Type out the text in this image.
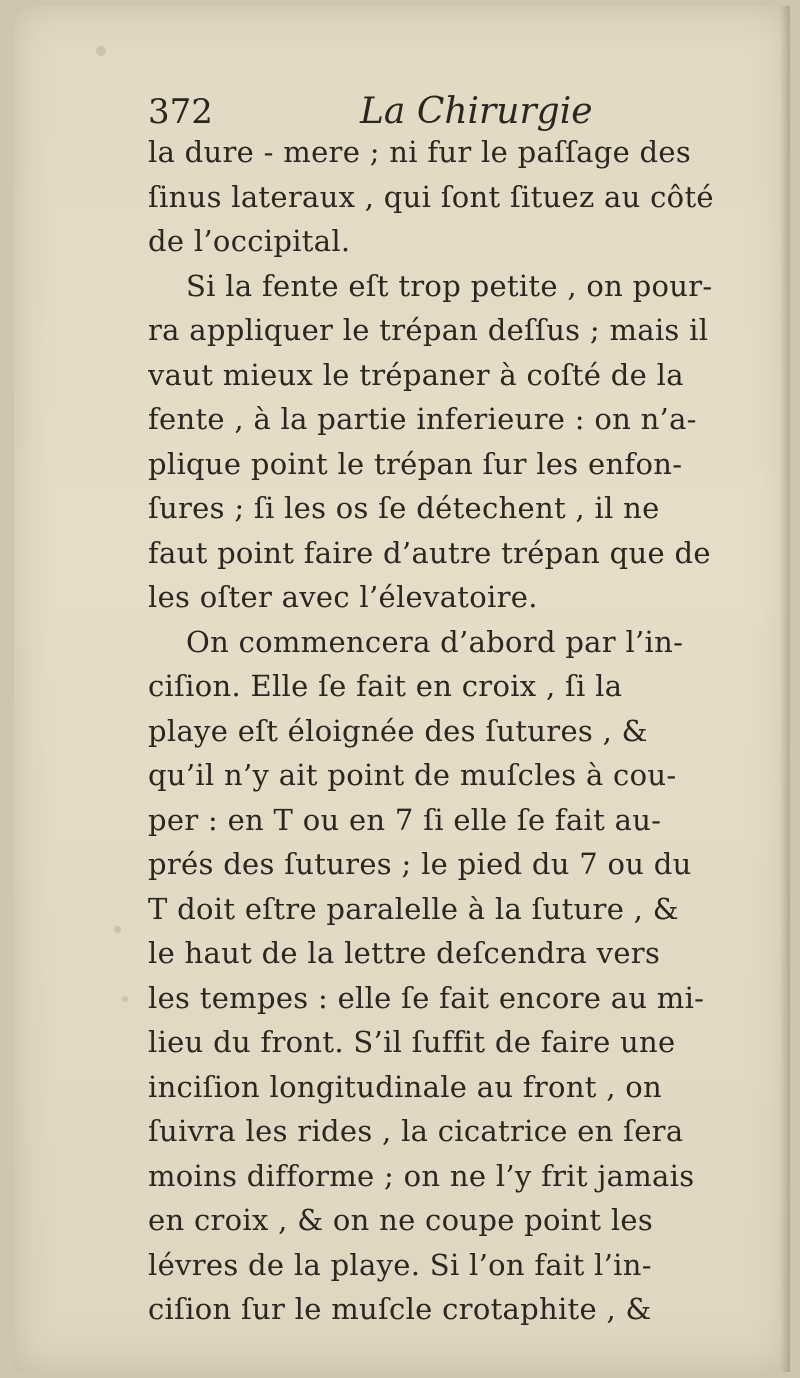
372	La Chirurgie
la dure - mere ; ni fur le paſſage des
ſinus lateraux , qui ſont ſituez au côté
de l’occipital.
Si la fente eſt trop petite , on pour-
ra appliquer le trépan deſſus ; mais il
vaut mieux le trépaner à coſté de la
fente , à la partie inferieure : on n’a-
plique point le trépan ſur les enfon-
ſures ; ſi les os ſe détechent , il ne
faut point faire d’autre trépan que de
les oſter avec l’élevatoire.
On commencera d’abord par l’in-
ciſion. Elle ſe fait en croix , ſi la
playe eſt éloignée des ſutures , &
qu’il n’y ait point de muſcles à cou-
per : en T ou en 7 ſi elle ſe fait au-
prés des ſutures ; le pied du 7 ou du
T doit eſtre paralelle à la ſuture , &
le haut de la lettre deſcendra vers
les tempes : elle ſe fait encore au mi-
lieu du front. S’il ſuffit de faire une
inciſion longitudinale au front , on
ſuivra les rides , la cicatrice en ſera
moins difforme ; on ne l’y frit jamais
en croix , & on ne coupe point les
lévres de la playe. Si l’on fait l’in-
ciſion ſur le muſcle crotaphite , &
